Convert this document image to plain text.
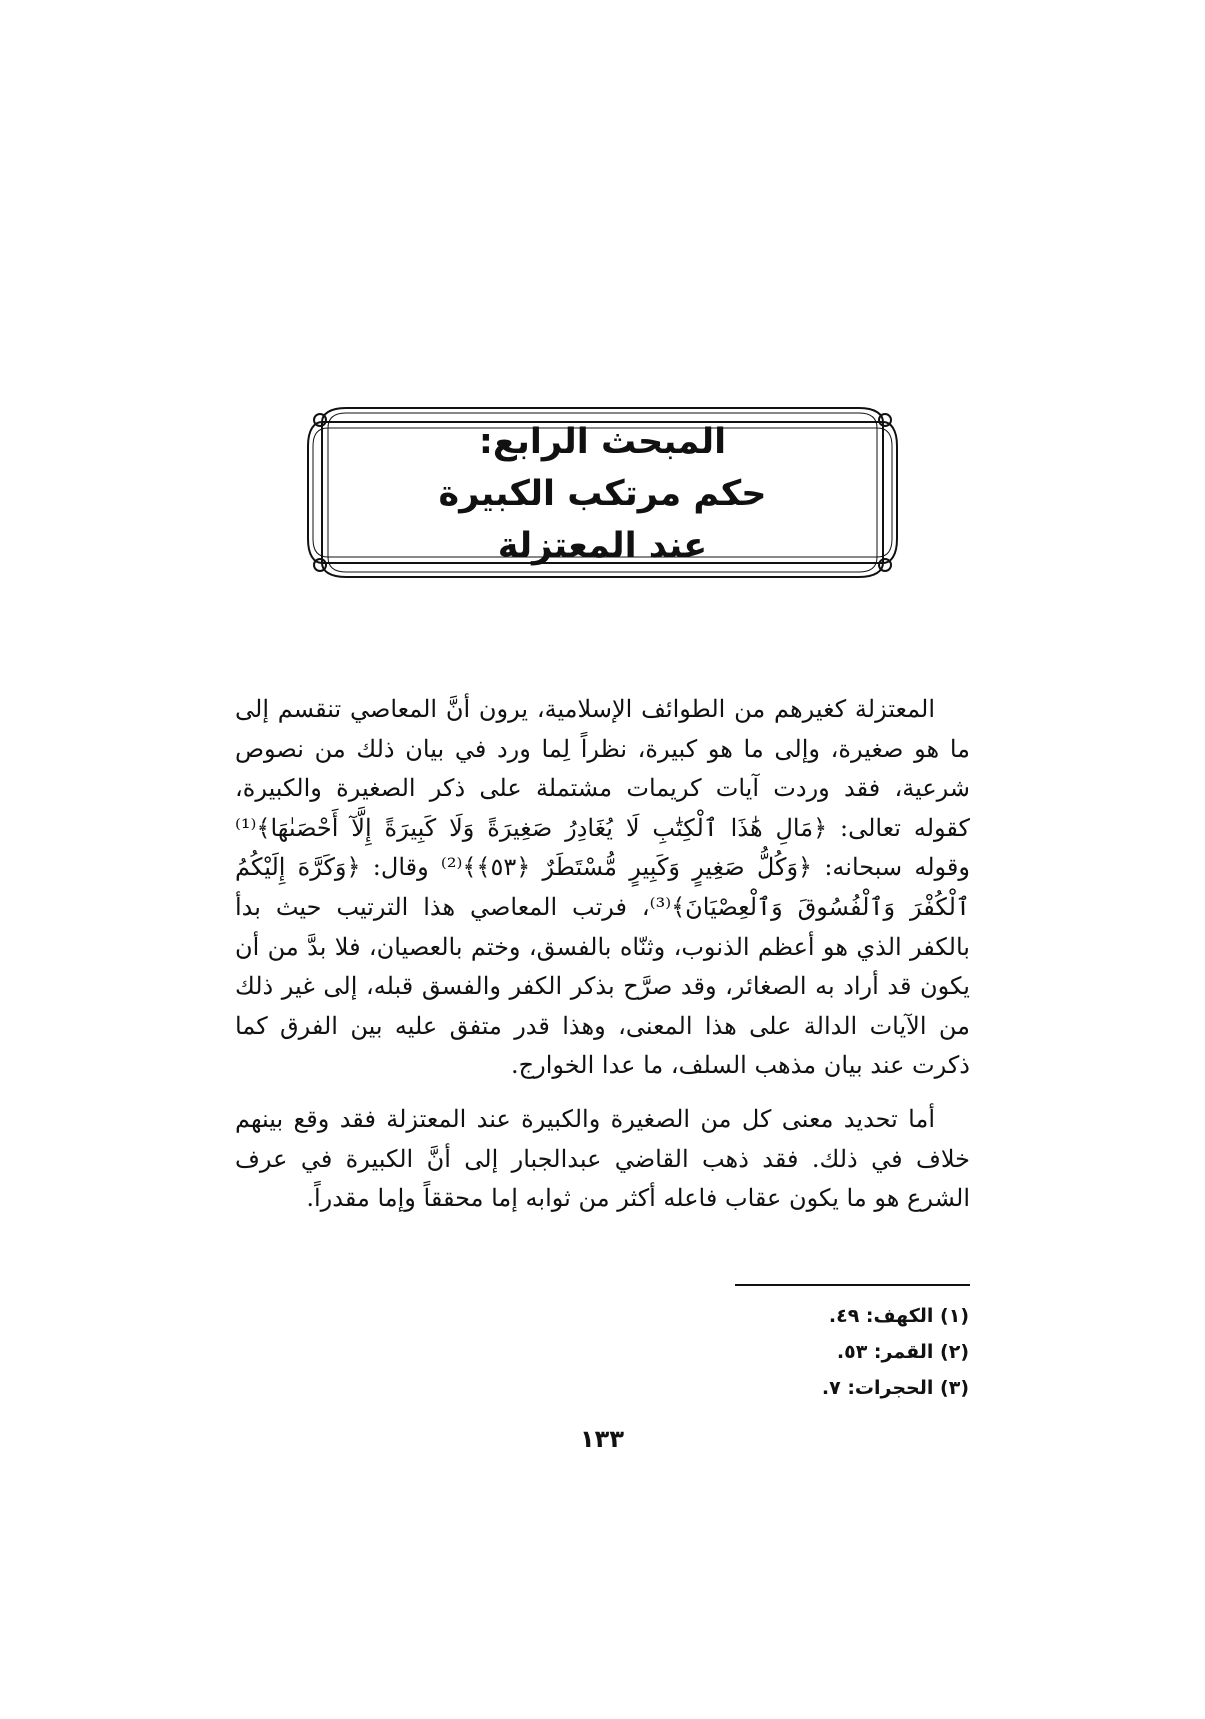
المبحث الرابع:
حكم مرتكب الكبيرة
عند المعتزلة

المعتزلة كغيرهم من الطوائف الإسلامية، يرون أنَّ المعاصي تنقسم إلى ما هو صغيرة، وإلى ما هو كبيرة، نظراً لِما ورد في بيان ذلك من نصوص شرعية، فقد وردت آيات كريمات مشتملة على ذكر الصغيرة والكبيرة، كقوله تعالى: ﴿مَالِ هَٰذَا ٱلْكِتَٰبِ لَا يُغَادِرُ صَغِيرَةً وَلَا كَبِيرَةً إِلَّآ أَحْصَىٰهَا﴾⁽¹⁾ وقوله سبحانه: ﴿وَكُلُّ صَغِيرٍ وَكَبِيرٍ مُّسْتَطَرٌ ﴿٥٣﴾﴾⁽²⁾ وقال: ﴿وَكَرَّهَ إِلَيْكُمُ ٱلْكُفْرَ وَٱلْفُسُوقَ وَٱلْعِصْيَانَ﴾⁽³⁾، فرتب المعاصي هذا الترتيب حيث بدأ بالكفر الذي هو أعظم الذنوب، وثنّاه بالفسق، وختم بالعصيان، فلا بدَّ من أن يكون قد أراد به الصغائر، وقد صرَّح بذكر الكفر والفسق قبله، إلى غير ذلك من الآيات الدالة على هذا المعنى، وهذا قدر متفق عليه بين الفرق كما ذكرت عند بيان مذهب السلف، ما عدا الخوارج.

أما تحديد معنى كل من الصغيرة والكبيرة عند المعتزلة فقد وقع بينهم خلاف في ذلك. فقد ذهب القاضي عبدالجبار إلى أنَّ الكبيرة في عرف الشرع هو ما يكون عقاب فاعله أكثر من ثوابه إما محققاً وإما مقدراً.

(١) الكهف: ٤٩.
(٢) القمر: ٥٣.
(٣) الحجرات: ٧.
١٣٣
